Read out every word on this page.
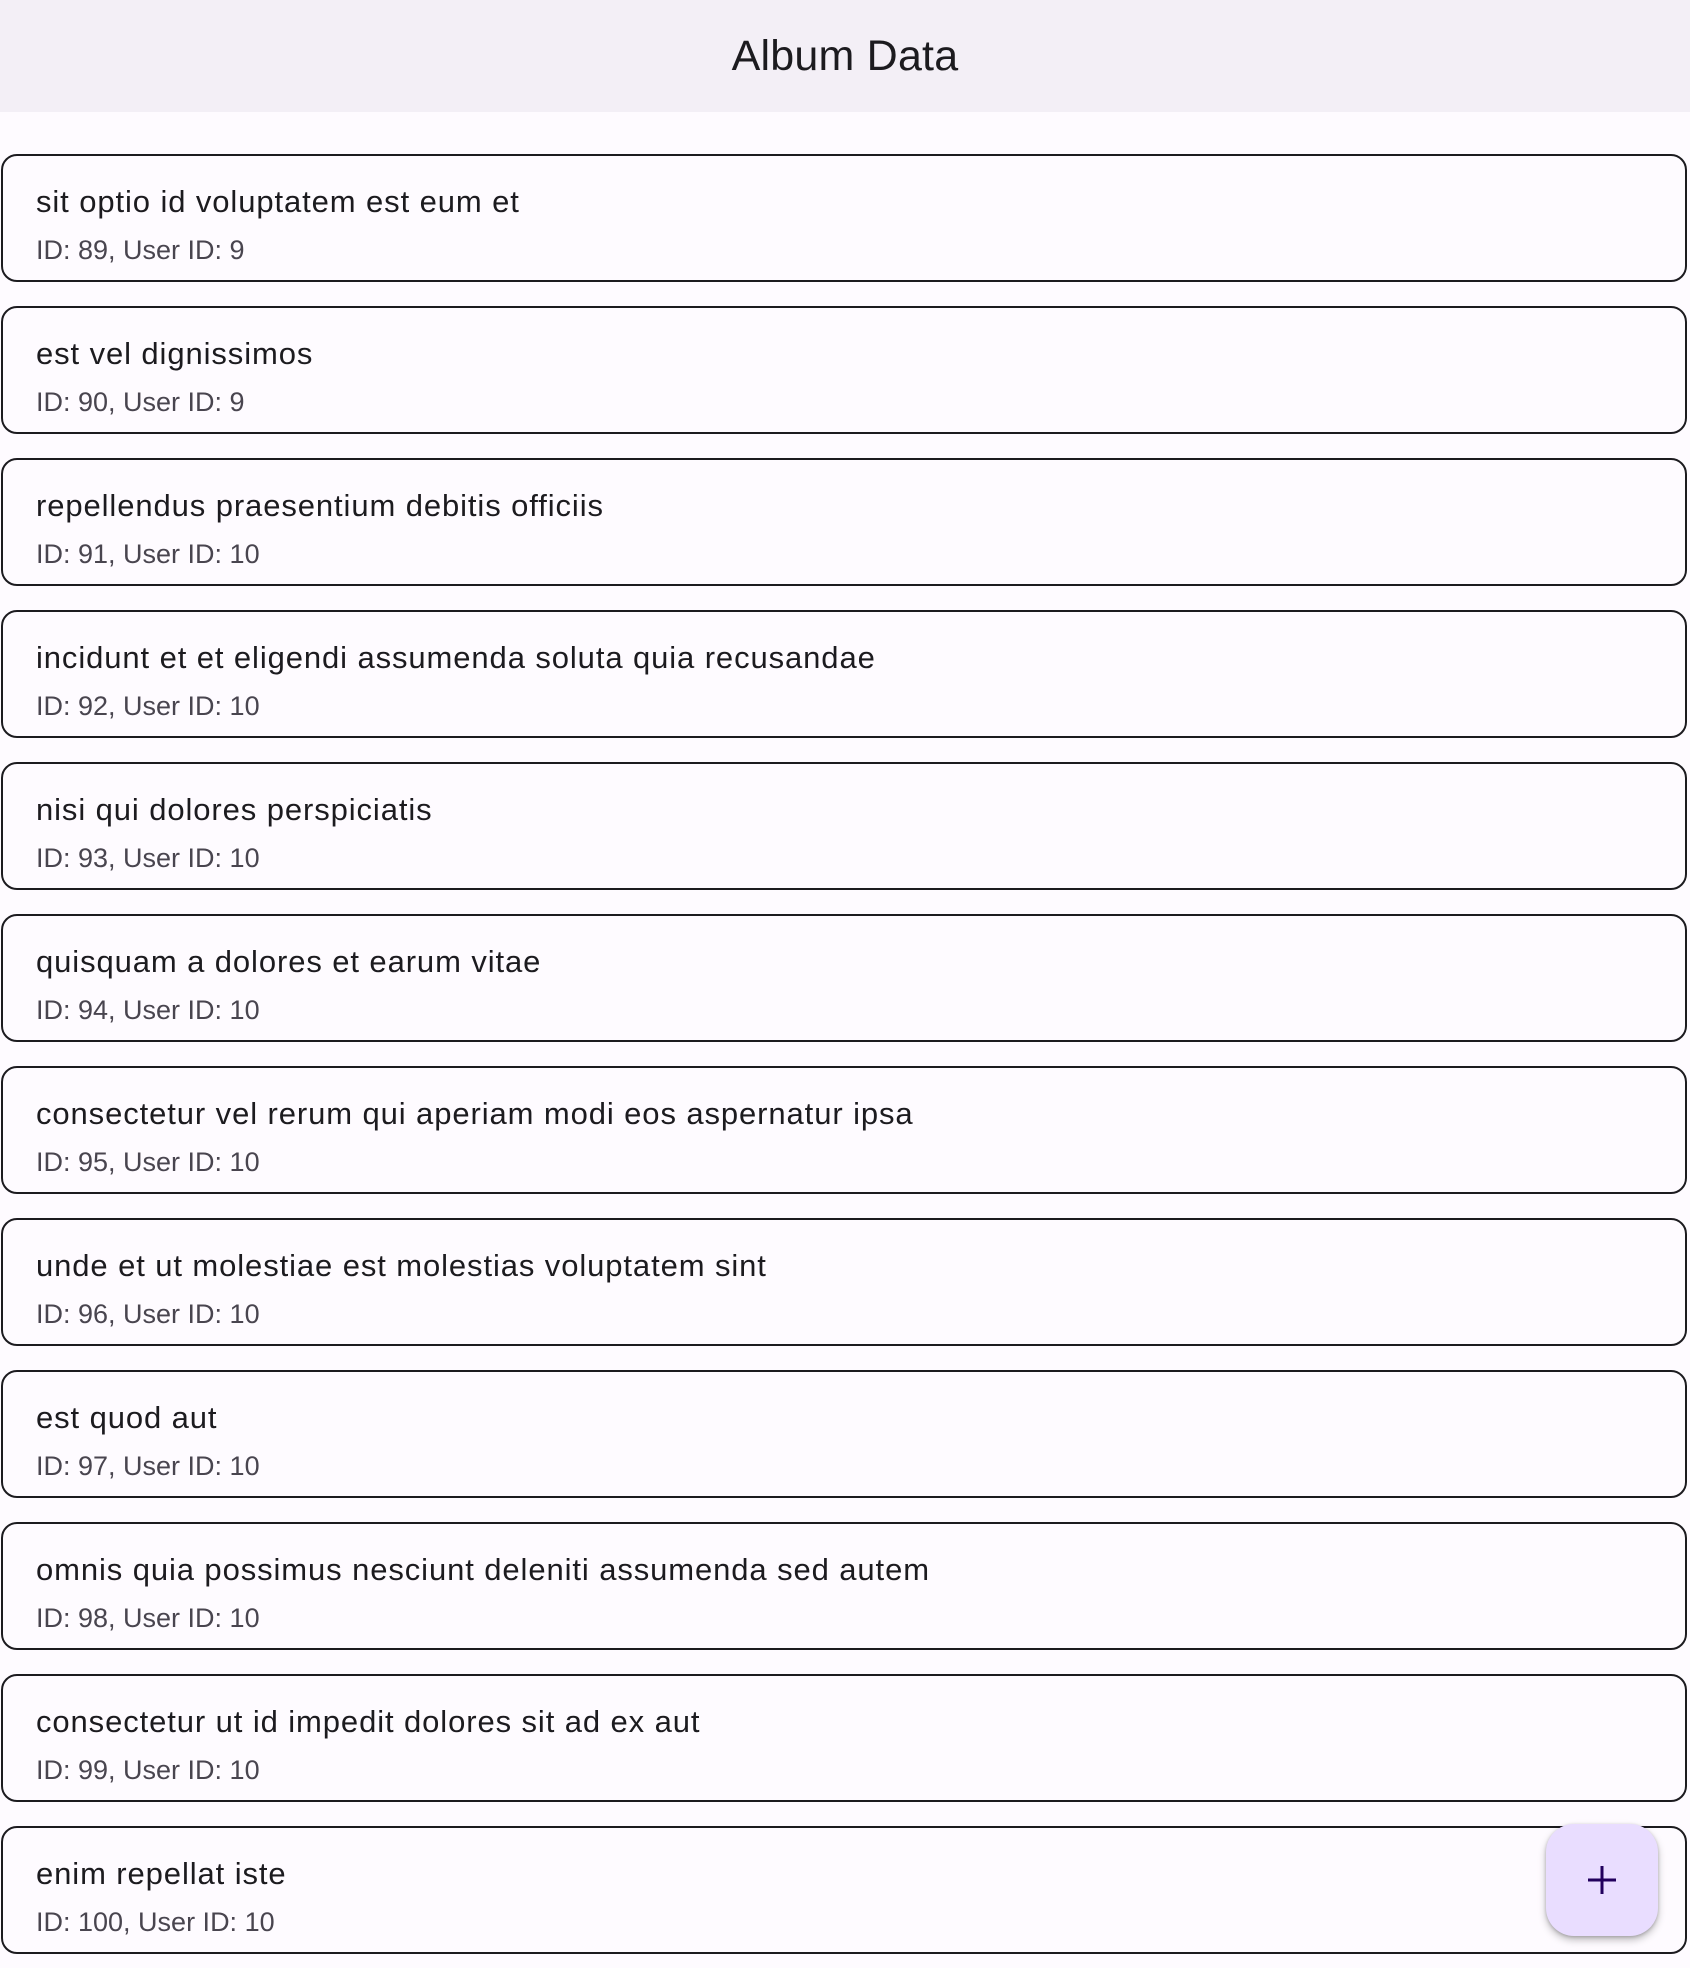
sit optio id voluptatem est eum et
ID: 89, User ID: 9
est vel dignissimos
ID: 90, User ID: 9
repellendus praesentium debitis officiis
ID: 91, User ID: 10
incidunt et et eligendi assumenda soluta quia recusandae
ID: 92, User ID: 10
nisi qui dolores perspiciatis
ID: 93, User ID: 10
quisquam a dolores et earum vitae
ID: 94, User ID: 10
consectetur vel rerum qui aperiam modi eos aspernatur ipsa
ID: 95, User ID: 10
unde et ut molestiae est molestias voluptatem sint
ID: 96, User ID: 10
est quod aut
ID: 97, User ID: 10
omnis quia possimus nesciunt deleniti assumenda sed autem
ID: 98, User ID: 10
consectetur ut id impedit dolores sit ad ex aut
ID: 99, User ID: 10
enim repellat iste
ID: 100, User ID: 10
Album Data
